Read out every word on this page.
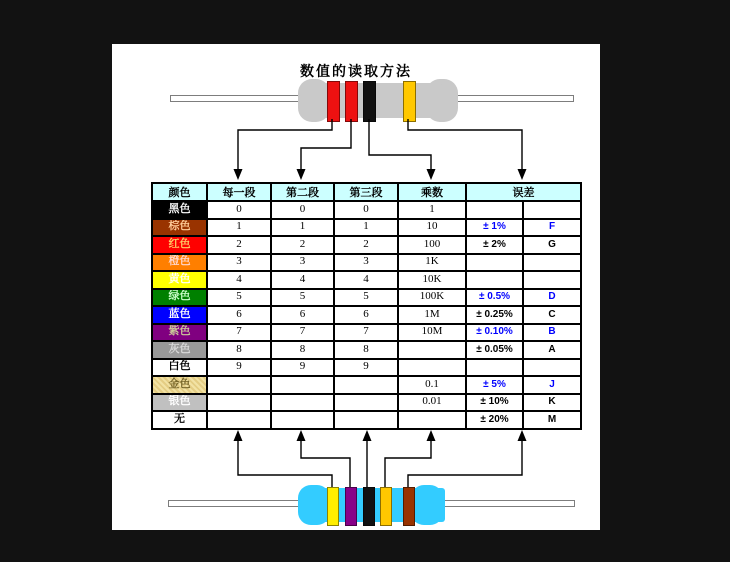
数值的读取方法
颜色	每一段	第二段	第三段	乘数	误差	
黑色	0	0	0	1		
棕色	1	1	1	10	± 1%	F
红色	2	2	2	100	± 2%	G
橙色	3	3	3	1K		
黄色	4	4	4	10K		
绿色	5	5	5	100K	± 0.5%	D
蓝色	6	6	6	1M	± 0.25%	C
紫色	7	7	7	10M	± 0.10%	B
灰色	8	8	8		± 0.05%	A
白色	9	9	9			
金色				0.1	± 5%	J
银色				0.01	± 10%	K
无					± 20%	M
